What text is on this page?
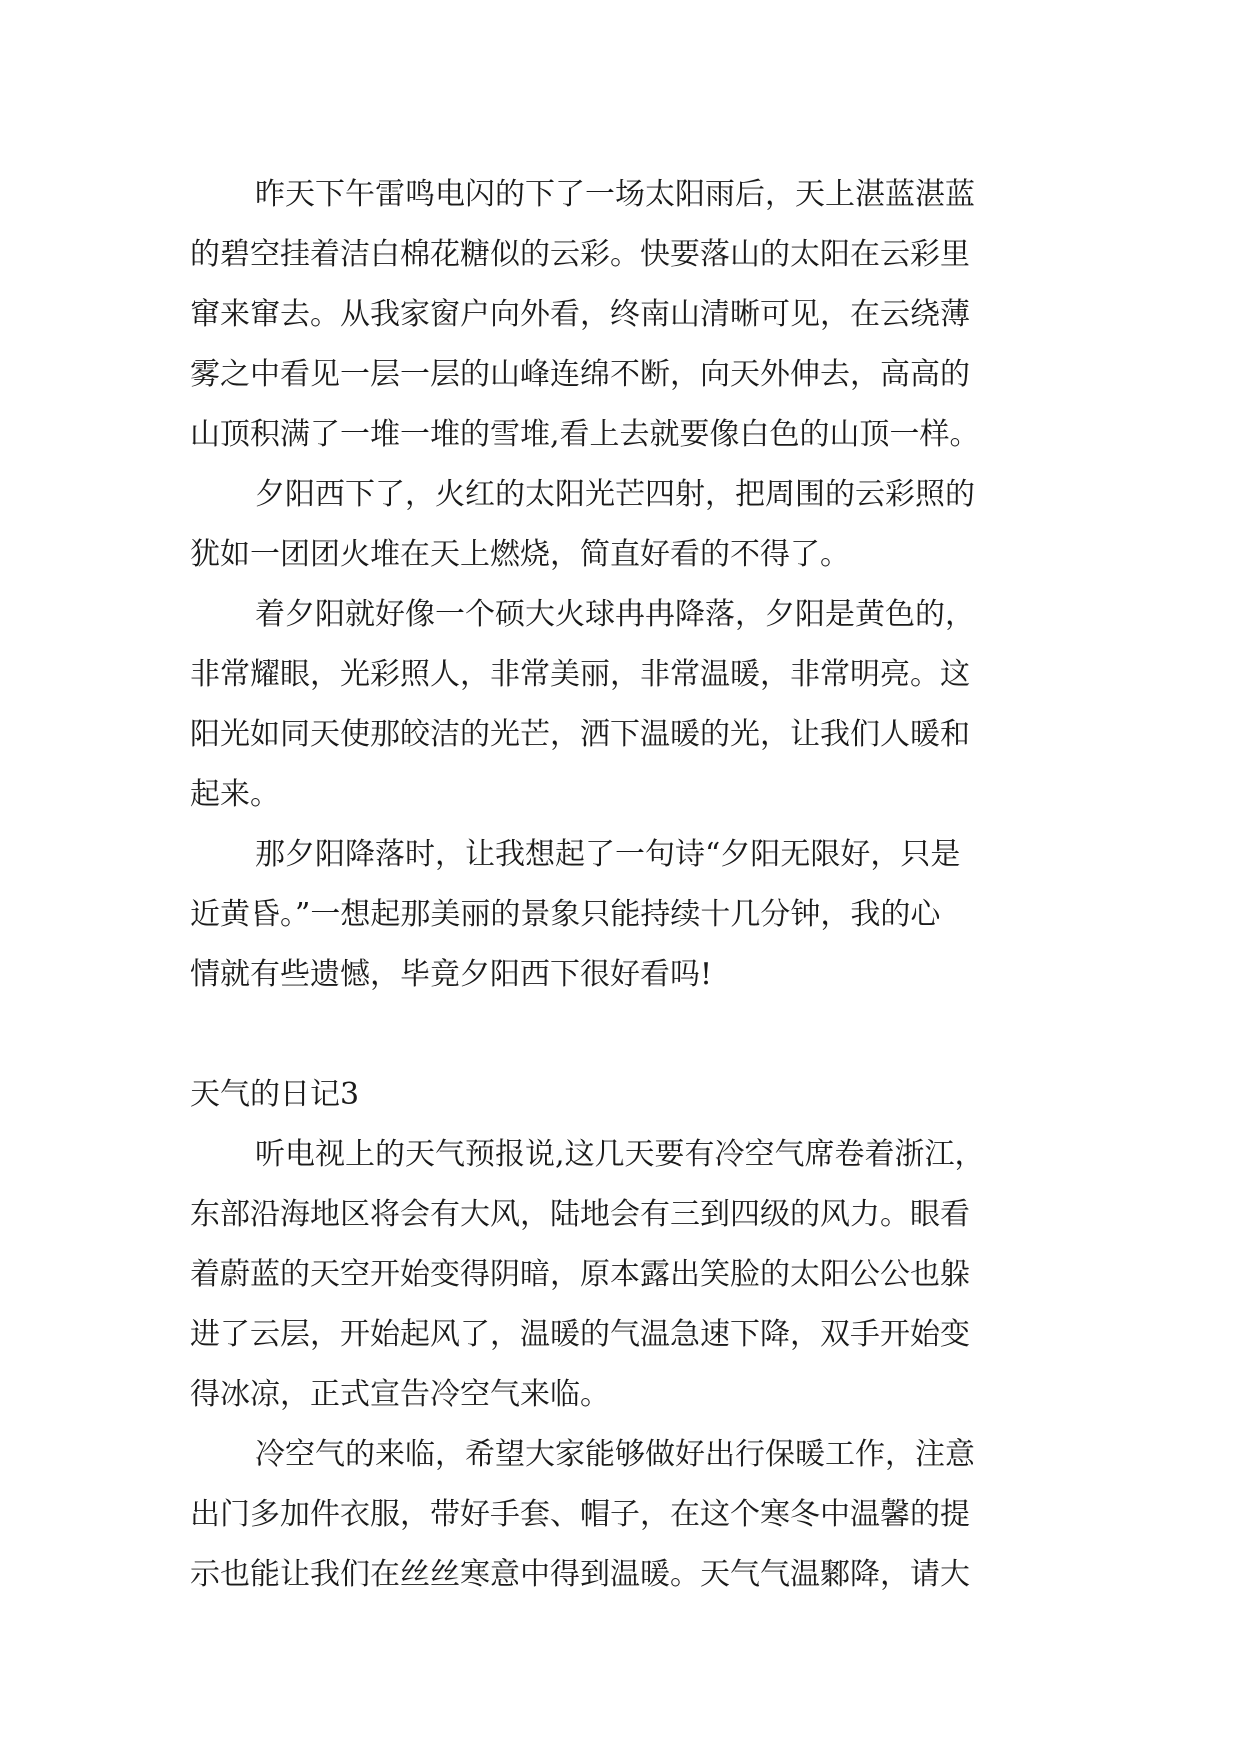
昨天下午雷鸣电闪的下了一场太阳雨后，天上湛蓝湛蓝
的碧空挂着洁白棉花糖似的云彩。快要落山的太阳在云彩里
窜来窜去。从我家窗户向外看，终南山清晰可见，在云绕薄
雾之中看见一层一层的山峰连绵不断，向天外伸去，高高的
山顶积满了一堆一堆的雪堆,看上去就要像白色的山顶一样。
夕阳西下了，火红的太阳光芒四射，把周围的云彩照的
犹如一团团火堆在天上燃烧，简直好看的不得了。
着夕阳就好像一个硕大火球冉冉降落，夕阳是黄色的，
非常耀眼，光彩照人，非常美丽，非常温暖，非常明亮。这
阳光如同天使那皎洁的光芒，洒下温暖的光，让我们人暖和
起来。
那夕阳降落时，让我想起了一句诗“夕阳无限好，只是
近黄昏。”一想起那美丽的景象只能持续十几分钟，我的心
情就有些遗憾，毕竟夕阳西下很好看吗!
天气的日记3
听电视上的天气预报说,这几天要有冷空气席卷着浙江，
东部沿海地区将会有大风，陆地会有三到四级的风力。眼看
着蔚蓝的天空开始变得阴暗，原本露出笑脸的太阳公公也躲
进了云层，开始起风了，温暖的气温急速下降，双手开始变
得冰凉，正式宣告冷空气来临。
冷空气的来临，希望大家能够做好出行保暖工作，注意
出门多加件衣服，带好手套、帽子，在这个寒冬中温馨的提
示也能让我们在丝丝寒意中得到温暖。天气气温鄹降，请大
